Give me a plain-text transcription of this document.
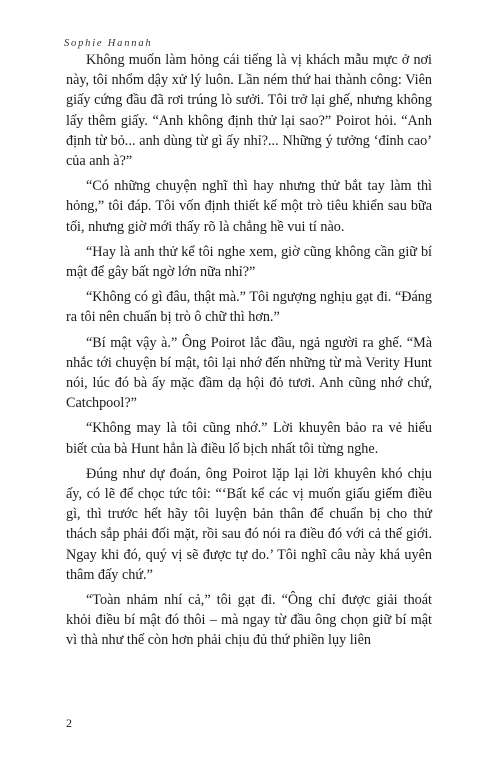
Sophie Hannah

Không muốn làm hỏng cái tiếng là vị khách mẫu mực ở nơi này, tôi nhổm dậy xử lý luôn. Lần ném thứ hai thành công: Viên giấy cứng đầu đã rơi trúng lò sưởi. Tôi trở lại ghế, nhưng không lấy thêm giấy. “Anh không định thử lại sao?” Poirot hỏi. “Anh định từ bỏ... anh dùng từ gì ấy nhỉ?... Những ý tưởng ‘đỉnh cao’ của anh à?”

“Có những chuyện nghĩ thì hay nhưng thử bắt tay làm thì hỏng,” tôi đáp. Tôi vốn định thiết kế một trò tiêu khiển sau bữa tối, nhưng giờ mới thấy rõ là chẳng hề vui tí nào.

“Hay là anh thử kể tôi nghe xem, giờ cũng không cần giữ bí mật để gây bất ngờ lớn nữa nhỉ?”

“Không có gì đâu, thật mà.” Tôi ngượng nghịu gạt đi. “Đáng ra tôi nên chuẩn bị trò ô chữ thì hơn.”

“Bí mật vậy à.” Ông Poirot lắc đầu, ngả người ra ghế. “Mà nhắc tới chuyện bí mật, tôi lại nhớ đến những từ mà Verity Hunt nói, lúc đó bà ấy mặc đầm dạ hội đỏ tươi. Anh cũng nhớ chứ, Catchpool?”

“Không may là tôi cũng nhớ.” Lời khuyên bảo ra vẻ hiểu biết của bà Hunt hẳn là điều lố bịch nhất tôi từng nghe.

Đúng như dự đoán, ông Poirot lặp lại lời khuyên khó chịu ấy, có lẽ để chọc tức tôi: “‘Bất kể các vị muốn giấu giếm điều gì, thì trước hết hãy tôi luyện bản thân để chuẩn bị cho thử thách sắp phải đối mặt, rồi sau đó nói ra điều đó với cả thế giới. Ngay khi đó, quý vị sẽ được tự do.’ Tôi nghĩ câu này khá uyên thâm đấy chứ.”

“Toàn nhảm nhí cả,” tôi gạt đi. “Ông chỉ được giải thoát khỏi điều bí mật đó thôi – mà ngay từ đầu ông chọn giữ bí mật vì thà như thế còn hơn phải chịu đủ thứ phiền lụy liên

2
